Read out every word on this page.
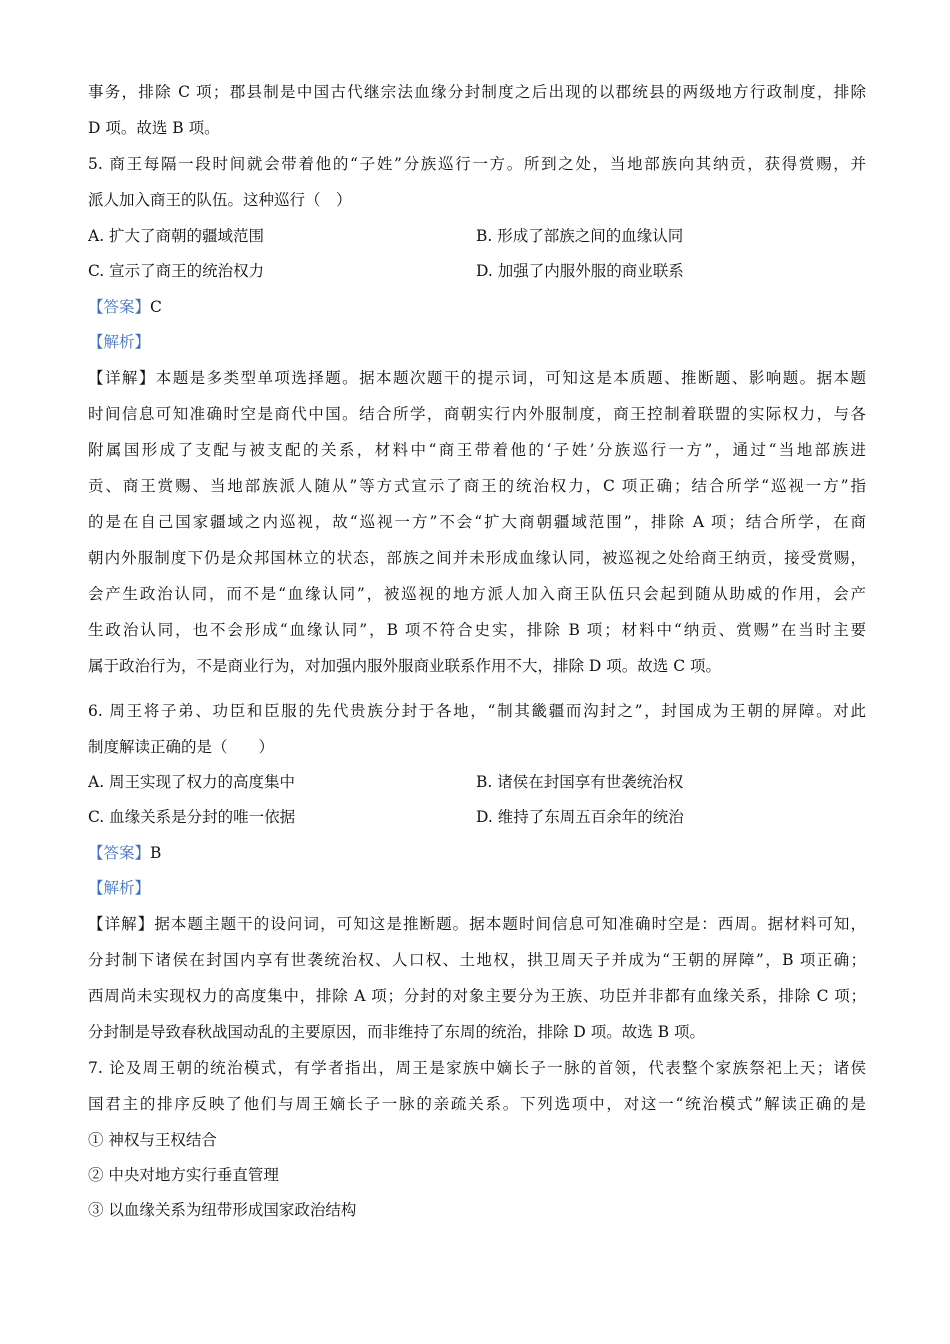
事务，排除 C 项；郡县制是中国古代继宗法血缘分封制度之后出现的以郡统县的两级地方行政制度，排除
D 项。故选 B 项。
5. 商王每隔一段时间就会带着他的“子姓”分族巡行一方。所到之处，当地部族向其纳贡，获得赏赐，并
派人加入商王的队伍。这种巡行（　）
A. 扩大了商朝的疆域范围	B. 形成了部族之间的血缘认同
C. 宣示了商王的统治权力	D. 加强了内服外服的商业联系
【答案】C
【解析】
【详解】本题是多类型单项选择题。据本题次题干的提示词，可知这是本质题、推断题、影响题。据本题
时间信息可知准确时空是商代中国。结合所学，商朝实行内外服制度，商王控制着联盟的实际权力，与各
附属国形成了支配与被支配的关系，材料中“商王带着他的‘子姓’分族巡行一方”，通过“当地部族进
贡、商王赏赐、当地部族派人随从”等方式宣示了商王的统治权力，C 项正确；结合所学“巡视一方”指
的是在自己国家疆域之内巡视，故“巡视一方”不会“扩大商朝疆域范围”，排除 A 项；结合所学，在商
朝内外服制度下仍是众邦国林立的状态，部族之间并未形成血缘认同，被巡视之处给商王纳贡，接受赏赐，
会产生政治认同，而不是“血缘认同”，被巡视的地方派人加入商王队伍只会起到随从助威的作用，会产
生政治认同，也不会形成“血缘认同”，B 项不符合史实，排除 B 项；材料中“纳贡、赏赐”在当时主要
属于政治行为，不是商业行为，对加强内服外服商业联系作用不大，排除 D 项。故选 C 项。
6. 周王将子弟、功臣和臣服的先代贵族分封于各地，“制其畿疆而沟封之”，封国成为王朝的屏障。对此
制度解读正确的是（　　）
A. 周王实现了权力的高度集中	B. 诸侯在封国享有世袭统治权
C. 血缘关系是分封的唯一依据	D. 维持了东周五百余年的统治
【答案】B
【解析】
【详解】据本题主题干的设问词，可知这是推断题。据本题时间信息可知准确时空是：西周。据材料可知，
分封制下诸侯在封国内享有世袭统治权、人口权、土地权，拱卫周天子并成为“王朝的屏障”，B 项正确；
西周尚未实现权力的高度集中，排除 A 项；分封的对象主要分为王族、功臣并非都有血缘关系，排除 C 项；
分封制是导致春秋战国动乱的主要原因，而非维持了东周的统治，排除 D 项。故选 B 项。
7. 论及周王朝的统治模式，有学者指出，周王是家族中嫡长子一脉的首领，代表整个家族祭祀上天；诸侯
国君主的排序反映了他们与周王嫡长子一脉的亲疏关系。下列选项中，对这一“统治模式”解读正确的是
① 神权与王权结合
② 中央对地方实行垂直管理
③ 以血缘关系为纽带形成国家政治结构
